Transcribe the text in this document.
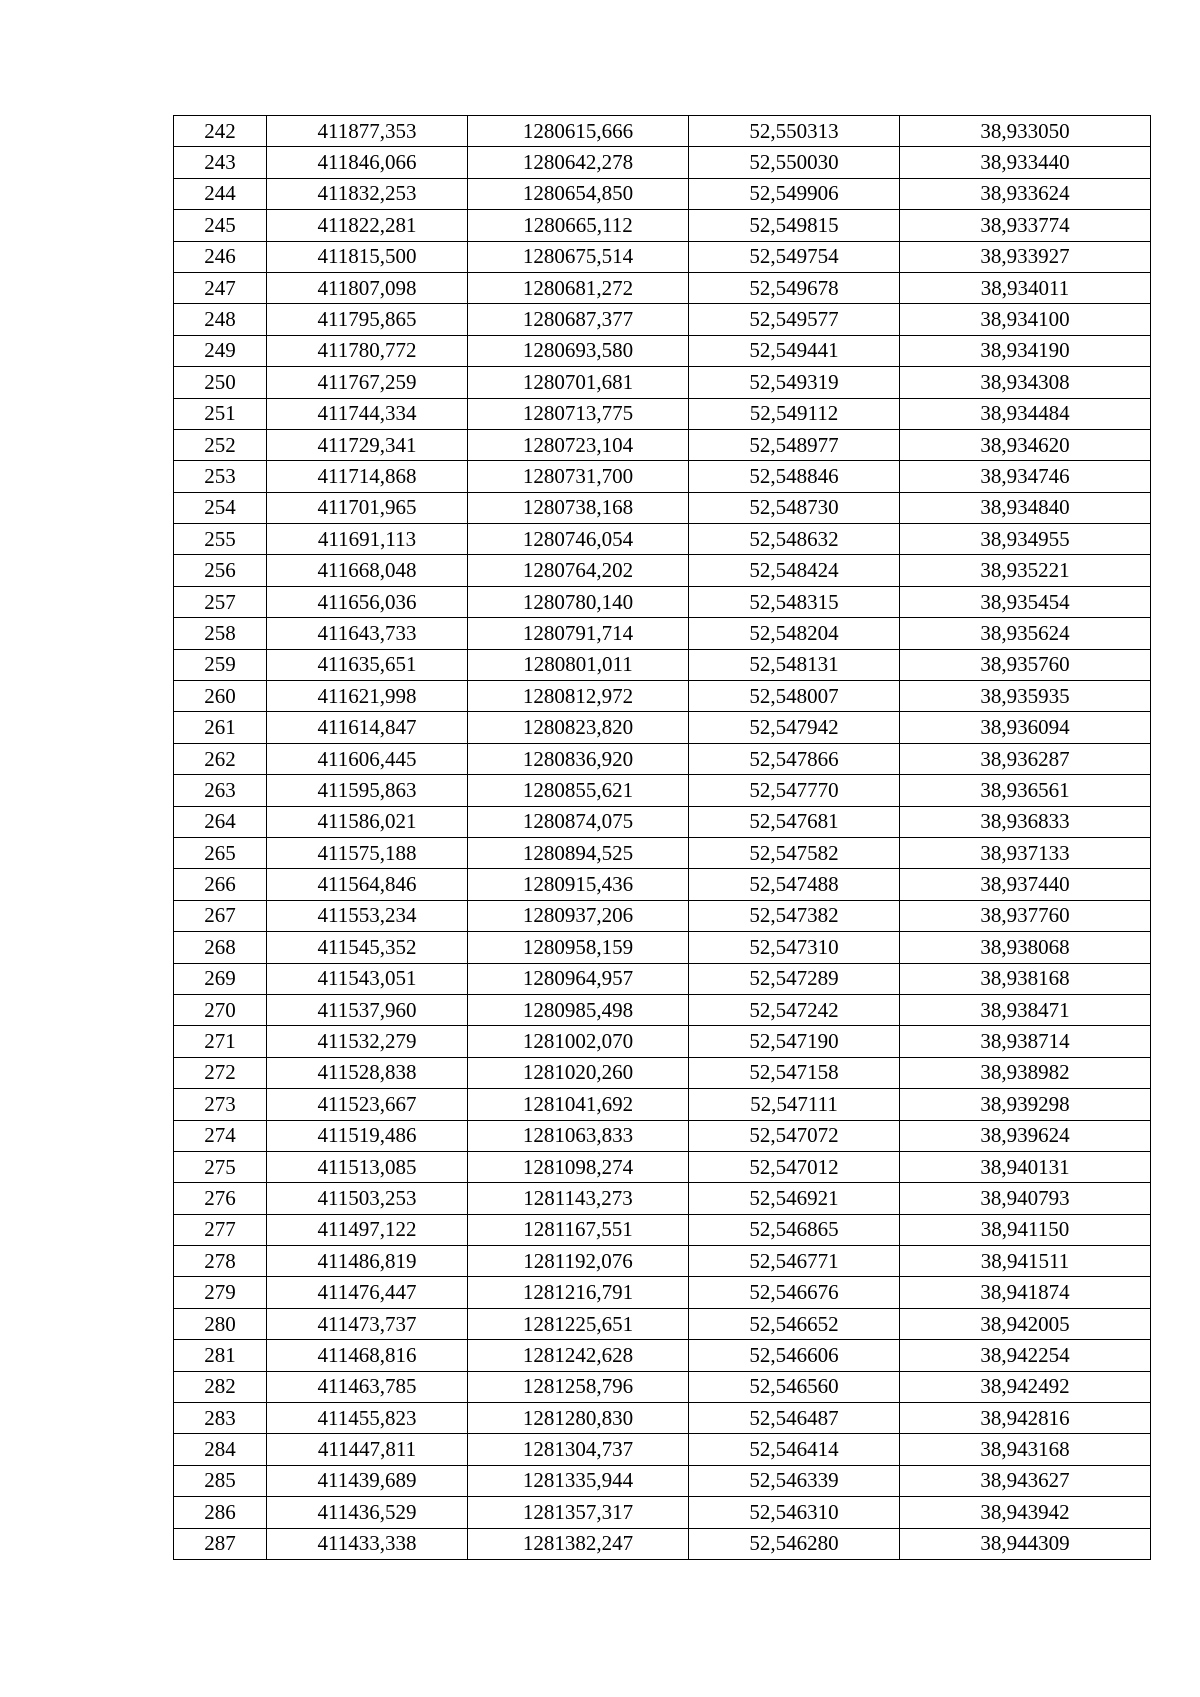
242	411877,353	1280615,666	52,550313	38,933050
243	411846,066	1280642,278	52,550030	38,933440
244	411832,253	1280654,850	52,549906	38,933624
245	411822,281	1280665,112	52,549815	38,933774
246	411815,500	1280675,514	52,549754	38,933927
247	411807,098	1280681,272	52,549678	38,934011
248	411795,865	1280687,377	52,549577	38,934100
249	411780,772	1280693,580	52,549441	38,934190
250	411767,259	1280701,681	52,549319	38,934308
251	411744,334	1280713,775	52,549112	38,934484
252	411729,341	1280723,104	52,548977	38,934620
253	411714,868	1280731,700	52,548846	38,934746
254	411701,965	1280738,168	52,548730	38,934840
255	411691,113	1280746,054	52,548632	38,934955
256	411668,048	1280764,202	52,548424	38,935221
257	411656,036	1280780,140	52,548315	38,935454
258	411643,733	1280791,714	52,548204	38,935624
259	411635,651	1280801,011	52,548131	38,935760
260	411621,998	1280812,972	52,548007	38,935935
261	411614,847	1280823,820	52,547942	38,936094
262	411606,445	1280836,920	52,547866	38,936287
263	411595,863	1280855,621	52,547770	38,936561
264	411586,021	1280874,075	52,547681	38,936833
265	411575,188	1280894,525	52,547582	38,937133
266	411564,846	1280915,436	52,547488	38,937440
267	411553,234	1280937,206	52,547382	38,937760
268	411545,352	1280958,159	52,547310	38,938068
269	411543,051	1280964,957	52,547289	38,938168
270	411537,960	1280985,498	52,547242	38,938471
271	411532,279	1281002,070	52,547190	38,938714
272	411528,838	1281020,260	52,547158	38,938982
273	411523,667	1281041,692	52,547111	38,939298
274	411519,486	1281063,833	52,547072	38,939624
275	411513,085	1281098,274	52,547012	38,940131
276	411503,253	1281143,273	52,546921	38,940793
277	411497,122	1281167,551	52,546865	38,941150
278	411486,819	1281192,076	52,546771	38,941511
279	411476,447	1281216,791	52,546676	38,941874
280	411473,737	1281225,651	52,546652	38,942005
281	411468,816	1281242,628	52,546606	38,942254
282	411463,785	1281258,796	52,546560	38,942492
283	411455,823	1281280,830	52,546487	38,942816
284	411447,811	1281304,737	52,546414	38,943168
285	411439,689	1281335,944	52,546339	38,943627
286	411436,529	1281357,317	52,546310	38,943942
287	411433,338	1281382,247	52,546280	38,944309
